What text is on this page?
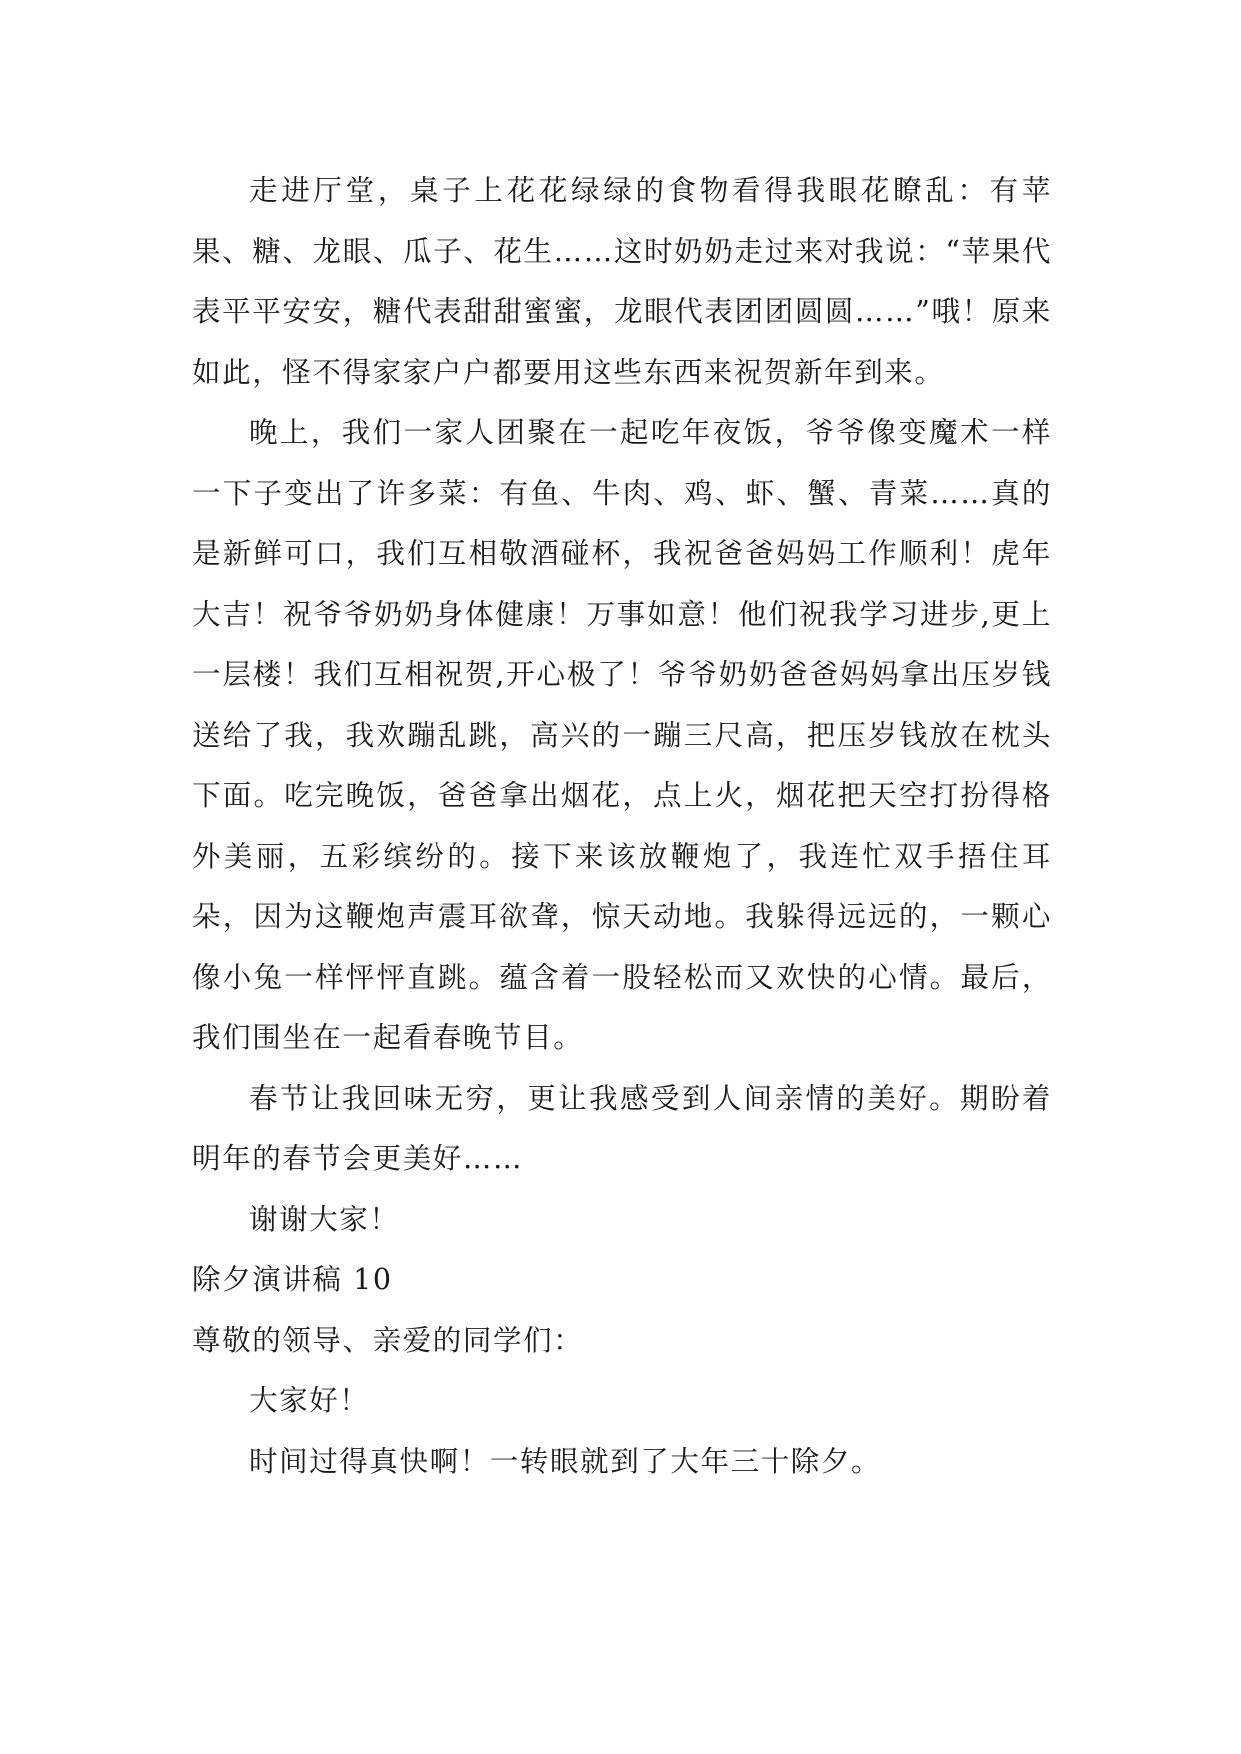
走进厅堂，桌子上花花绿绿的食物看得我眼花瞭乱：有苹果、糖、龙眼、瓜子、花生……这时奶奶走过来对我说：“苹果代表平平安安，糖代表甜甜蜜蜜，龙眼代表团团圆圆……”哦！原来如此，怪不得家家户户都要用这些东西来祝贺新年到来。

晚上，我们一家人团聚在一起吃年夜饭，爷爷像变魔术一样一下子变出了许多菜：有鱼、牛肉、鸡、虾、蟹、青菜……真的是新鲜可口，我们互相敬酒碰杯，我祝爸爸妈妈工作顺利！虎年大吉！祝爷爷奶奶身体健康！万事如意！他们祝我学习进步,更上一层楼！我们互相祝贺,开心极了！爷爷奶奶爸爸妈妈拿出压岁钱送给了我，我欢蹦乱跳，高兴的一蹦三尺高，把压岁钱放在枕头下面。吃完晚饭，爸爸拿出烟花，点上火，烟花把天空打扮得格外美丽，五彩缤纷的。接下来该放鞭炮了，我连忙双手捂住耳朵，因为这鞭炮声震耳欲聋，惊天动地。我躲得远远的，一颗心像小兔一样怦怦直跳。蕴含着一股轻松而又欢快的心情。最后，我们围坐在一起看春晚节目。

春节让我回味无穷，更让我感受到人间亲情的美好。期盼着明年的春节会更美好……

谢谢大家！

除夕演讲稿 10

尊敬的领导、亲爱的同学们：

大家好！

时间过得真快啊！一转眼就到了大年三十除夕。
